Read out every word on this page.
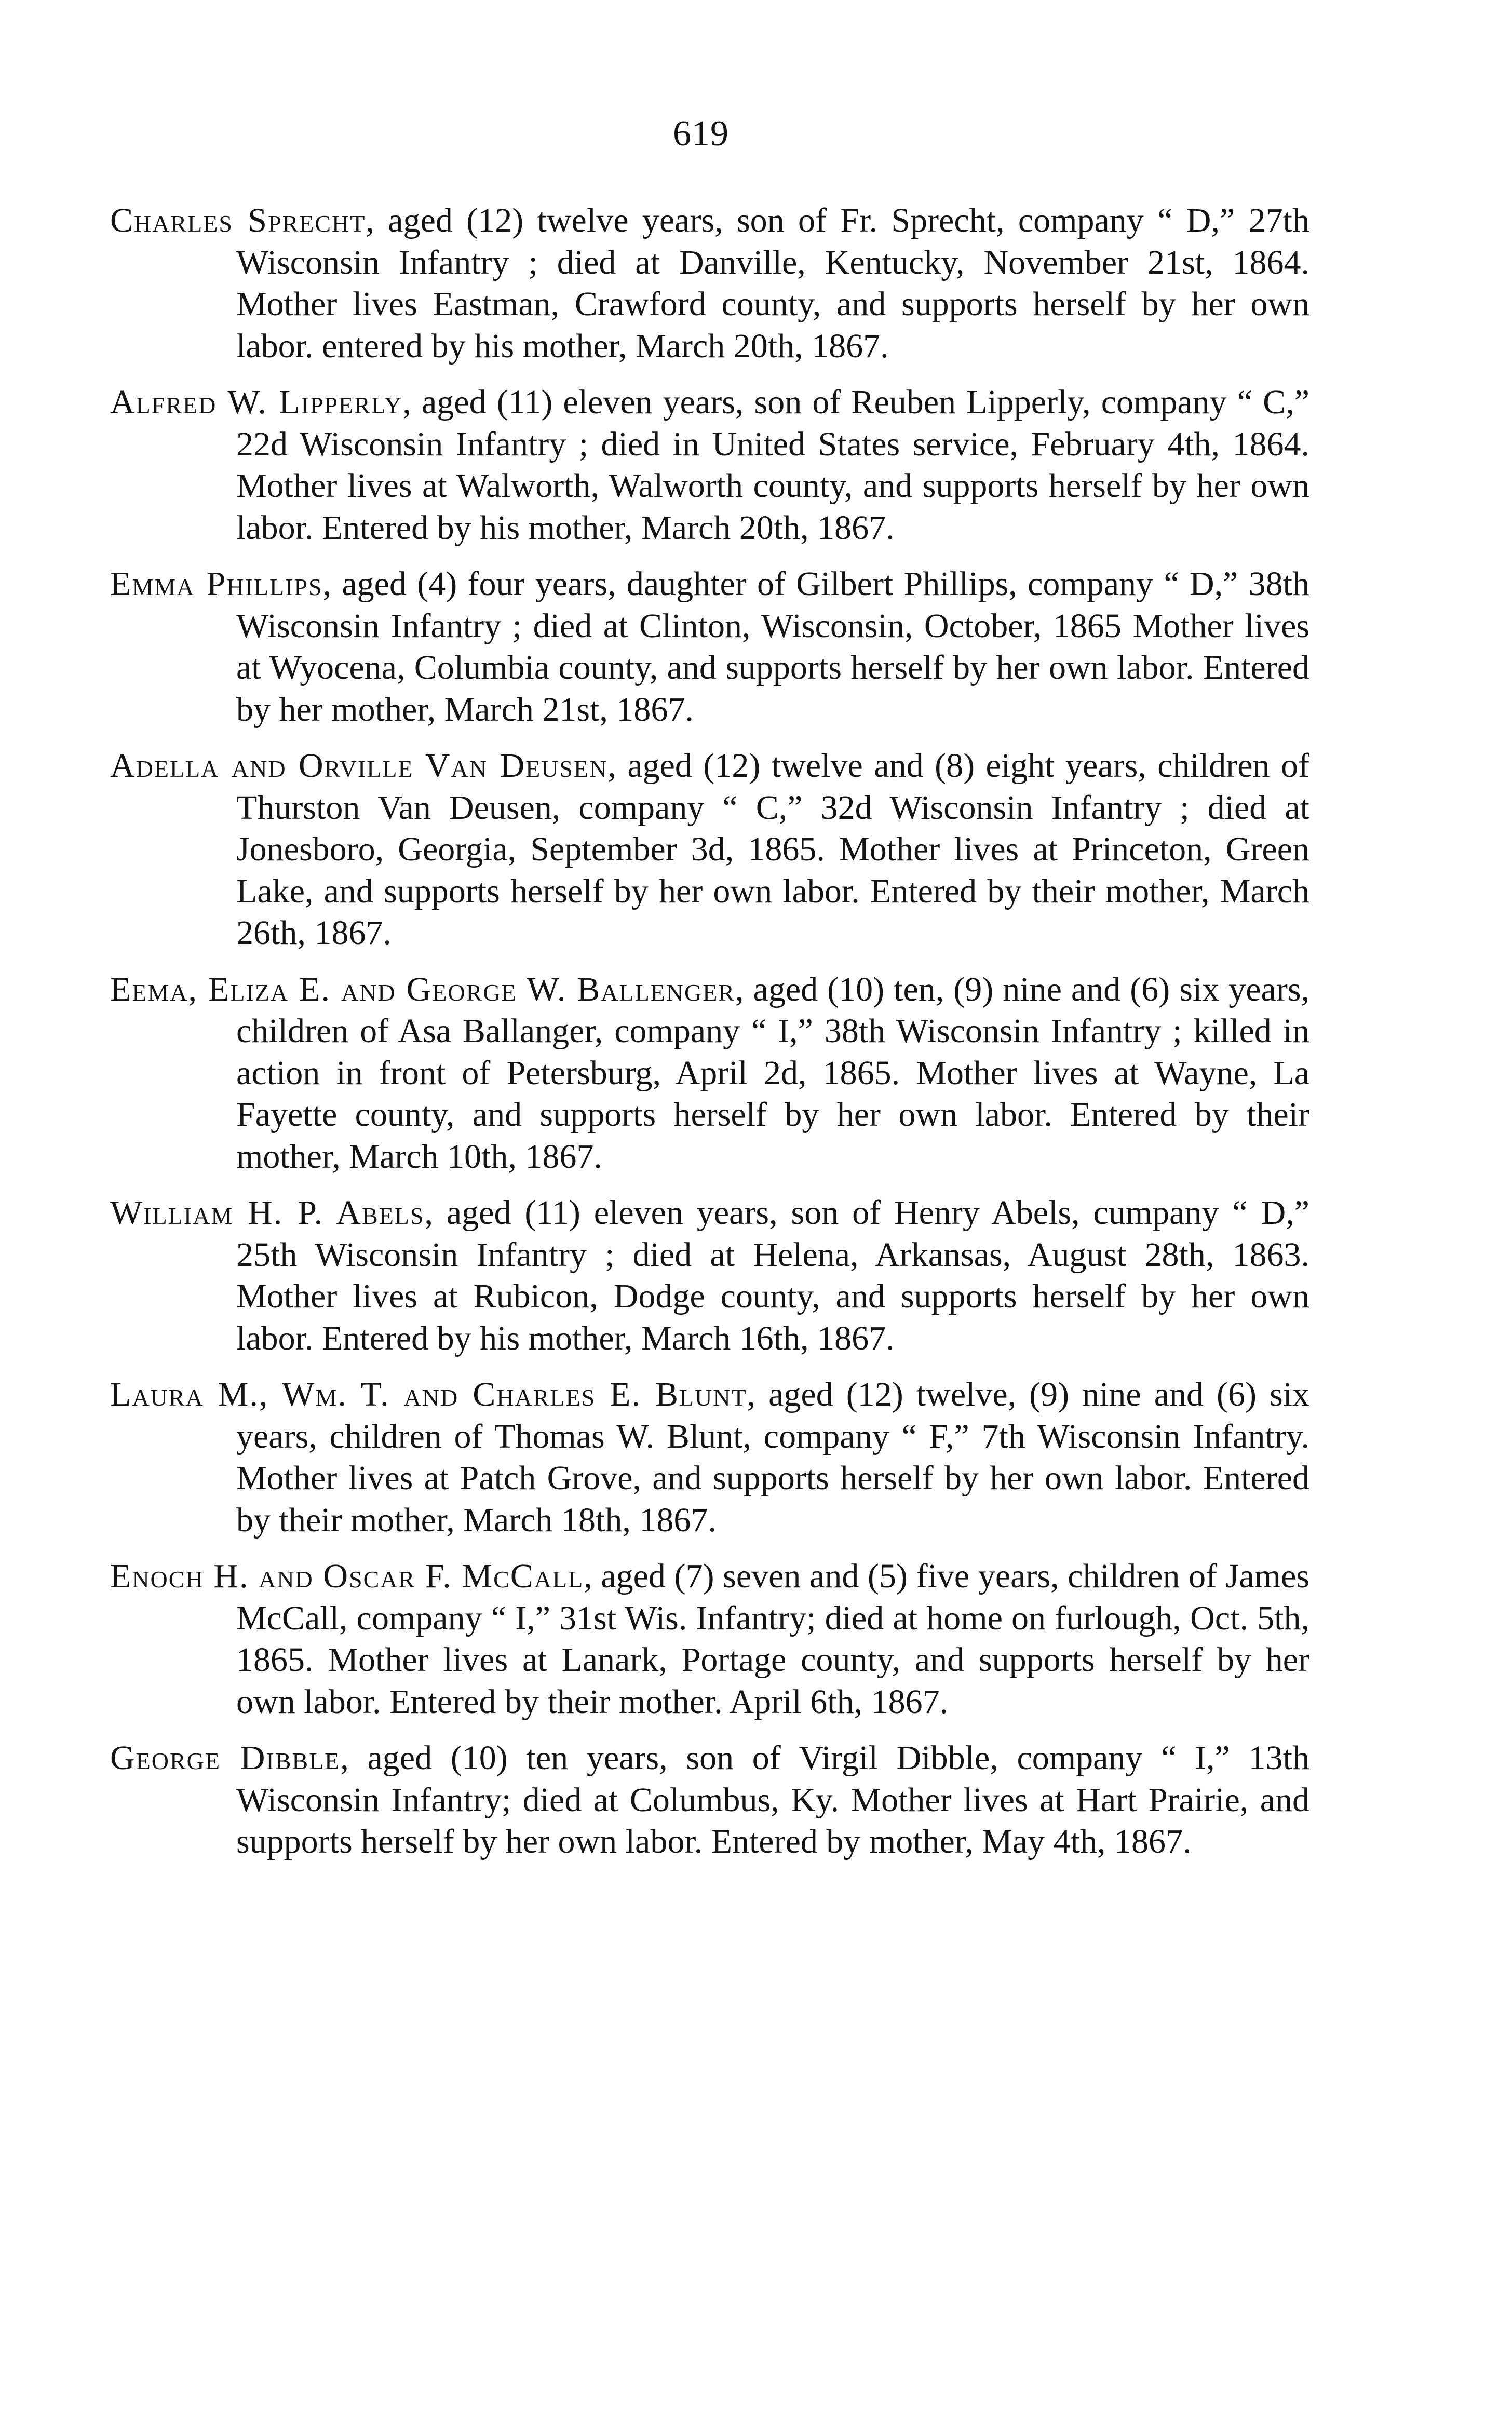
619

Charles Sprecht, aged (12) twelve years, son of Fr. Sprecht, company “ D,” 27th Wisconsin Infantry ; died at Danville, Kentucky, November 21st, 1864. Mother lives Eastman, Crawford county, and supports herself by her own labor. entered by his mother, March 20th, 1867.

Alfred W. Lipperly, aged (11) eleven years, son of Reuben Lipperly, company “ C,” 22d Wisconsin Infantry ; died in United States service, February 4th, 1864. Mother lives at Walworth, Walworth county, and supports herself by her own labor. Entered by his mother, March 20th, 1867.

Emma Phillips, aged (4) four years, daughter of Gilbert Phillips, company “ D,” 38th Wisconsin Infantry ; died at Clinton, Wisconsin, October, 1865 Mother lives at Wyocena, Columbia county, and supports herself by her own labor. Entered by her mother, March 21st, 1867.

Adella and Orville Van Deusen, aged (12) twelve and (8) eight years, children of Thurston Van Deusen, company “ C,” 32d Wisconsin Infantry ; died at Jonesboro, Georgia, September 3d, 1865. Mother lives at Princeton, Green Lake, and supports herself by her own labor. Entered by their mother, March 26th, 1867.

Eema, Eliza E. and George W. Ballenger, aged (10) ten, (9) nine and (6) six years, children of Asa Ballanger, company “ I,” 38th Wisconsin Infantry ; killed in action in front of Petersburg, April 2d, 1865. Mother lives at Wayne, La Fayette county, and supports herself by her own labor. Entered by their mother, March 10th, 1867.

William H. P. Abels, aged (11) eleven years, son of Henry Abels, cumpany “ D,” 25th Wisconsin Infantry ; died at Helena, Arkansas, August 28th, 1863. Mother lives at Rubicon, Dodge county, and supports herself by her own labor. Entered by his mother, March 16th, 1867.

Laura M., Wm. T. and Charles E. Blunt, aged (12) twelve, (9) nine and (6) six years, children of Thomas W. Blunt, company “ F,” 7th Wisconsin Infantry. Mother lives at Patch Grove, and supports herself by her own labor. Entered by their mother, March 18th, 1867.

Enoch H. and Oscar F. McCall, aged (7) seven and (5) five years, children of James McCall, company “ I,” 31st Wis. Infantry; died at home on furlough, Oct. 5th, 1865. Mother lives at Lanark, Portage county, and supports herself by her own labor. Entered by their mother. April 6th, 1867.

George Dibble, aged (10) ten years, son of Virgil Dibble, company “ I,” 13th Wisconsin Infantry; died at Columbus, Ky. Mother lives at Hart Prairie, and supports herself by her own labor. Entered by mother, May 4th, 1867.
